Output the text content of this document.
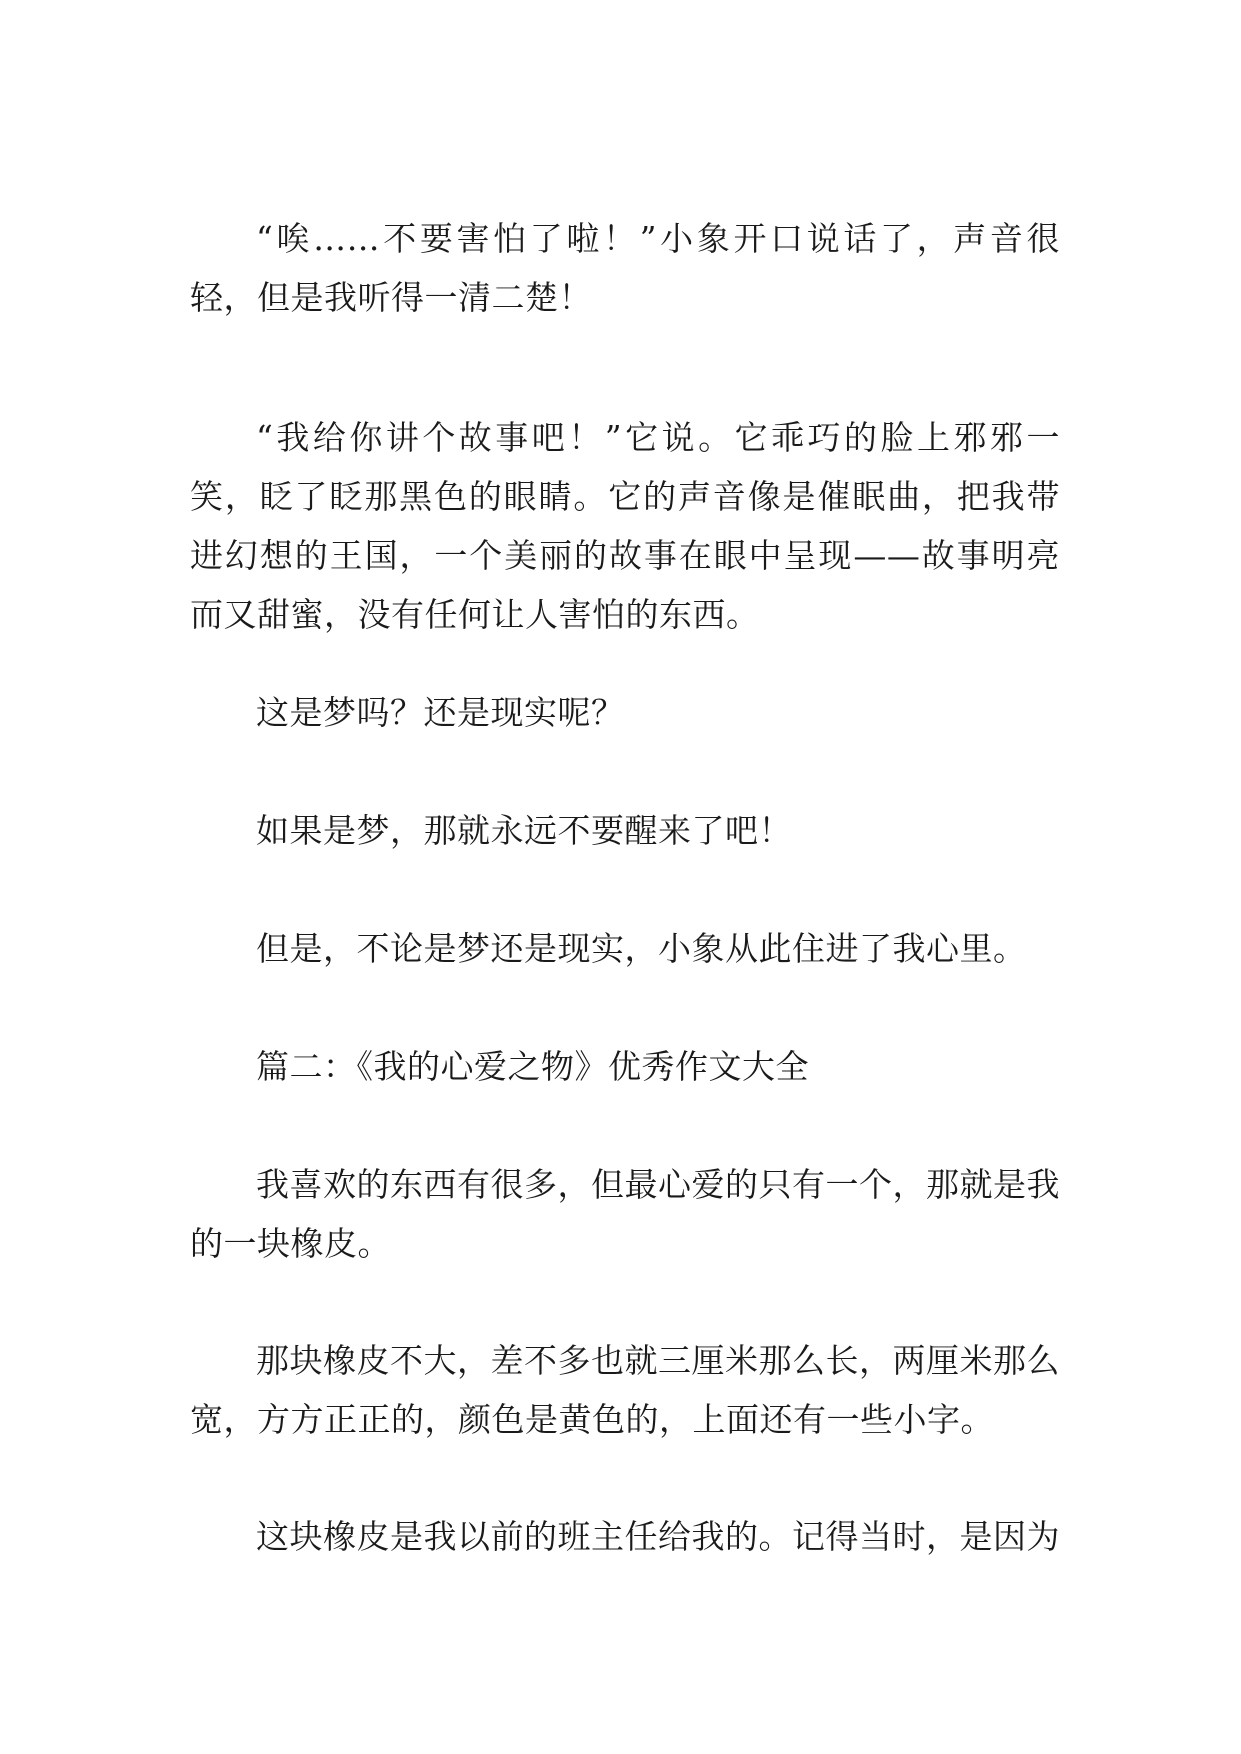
“唉……不要害怕了啦！”小象开口说话了，声音很轻，但是我听得一清二楚！

“我给你讲个故事吧！”它说。它乖巧的脸上邪邪一笑，眨了眨那黑色的眼睛。它的声音像是催眠曲，把我带进幻想的王国，一个美丽的故事在眼中呈现——故事明亮而又甜蜜，没有任何让人害怕的东西。

这是梦吗？还是现实呢？

如果是梦，那就永远不要醒来了吧！

但是，不论是梦还是现实，小象从此住进了我心里。

篇二：《我的心爱之物》优秀作文大全

我喜欢的东西有很多，但最心爱的只有一个，那就是我的一块橡皮。

那块橡皮不大，差不多也就三厘米那么长，两厘米那么宽，方方正正的，颜色是黄色的，上面还有一些小字。

这块橡皮是我以前的班主任给我的。记得当时，是因为
